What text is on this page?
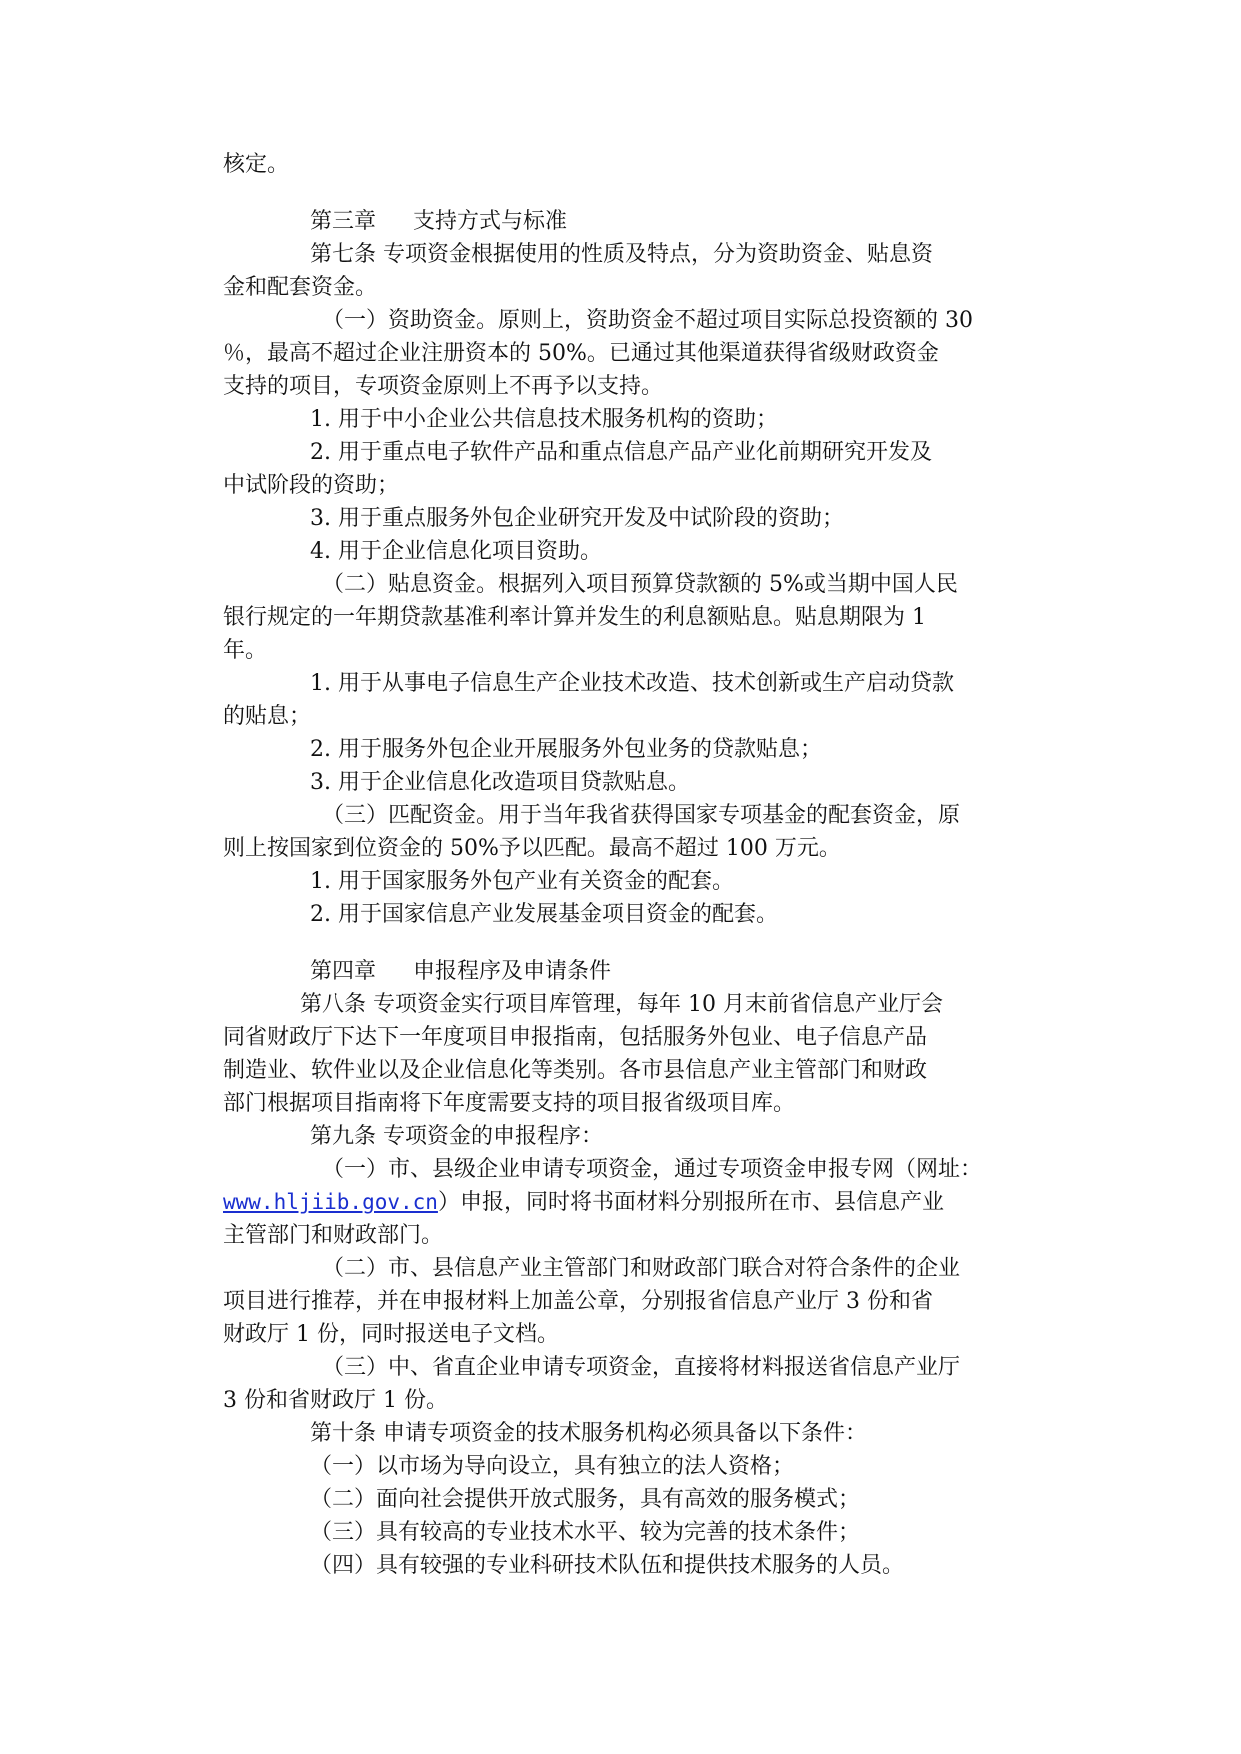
核定。
第三章 支持方式与标准
第七条 专项资金根据使用的性质及特点，分为资助资金、贴息资
金和配套资金。
（一）资助资金。原则上，资助资金不超过项目实际总投资额的 30
％，最高不超过企业注册资本的 50%。已通过其他渠道获得省级财政资金
支持的项目，专项资金原则上不再予以支持。
1. 用于中小企业公共信息技术服务机构的资助；
2. 用于重点电子软件产品和重点信息产品产业化前期研究开发及
中试阶段的资助；
3. 用于重点服务外包企业研究开发及中试阶段的资助；
4. 用于企业信息化项目资助。
（二）贴息资金。根据列入项目预算贷款额的 5%或当期中国人民
银行规定的一年期贷款基准利率计算并发生的利息额贴息。贴息期限为 1
年。
1. 用于从事电子信息生产企业技术改造、技术创新或生产启动贷款
的贴息；
2. 用于服务外包企业开展服务外包业务的贷款贴息；
3. 用于企业信息化改造项目贷款贴息。
（三）匹配资金。用于当年我省获得国家专项基金的配套资金，原
则上按国家到位资金的 50%予以匹配。最高不超过 100 万元。
1. 用于国家服务外包产业有关资金的配套。
2. 用于国家信息产业发展基金项目资金的配套。
第四章 申报程序及申请条件
第八条 专项资金实行项目库管理，每年 10 月末前省信息产业厅会
同省财政厅下达下一年度项目申报指南，包括服务外包业、电子信息产品
制造业、软件业以及企业信息化等类别。各市县信息产业主管部门和财政
部门根据项目指南将下年度需要支持的项目报省级项目库。
第九条 专项资金的申报程序：
（一）市、县级企业申请专项资金，通过专项资金申报专网（网址：
www.hljiib.gov.cn）申报，同时将书面材料分别报所在市、县信息产业
主管部门和财政部门。
（二）市、县信息产业主管部门和财政部门联合对符合条件的企业
项目进行推荐，并在申报材料上加盖公章，分别报省信息产业厅 3 份和省
财政厅 1 份，同时报送电子文档。
（三）中、省直企业申请专项资金，直接将材料报送省信息产业厅
3 份和省财政厅 1 份。
第十条 申请专项资金的技术服务机构必须具备以下条件：
（一）以市场为导向设立，具有独立的法人资格；
（二）面向社会提供开放式服务，具有高效的服务模式；
（三）具有较高的专业技术水平、较为完善的技术条件；
（四）具有较强的专业科研技术队伍和提供技术服务的人员。
